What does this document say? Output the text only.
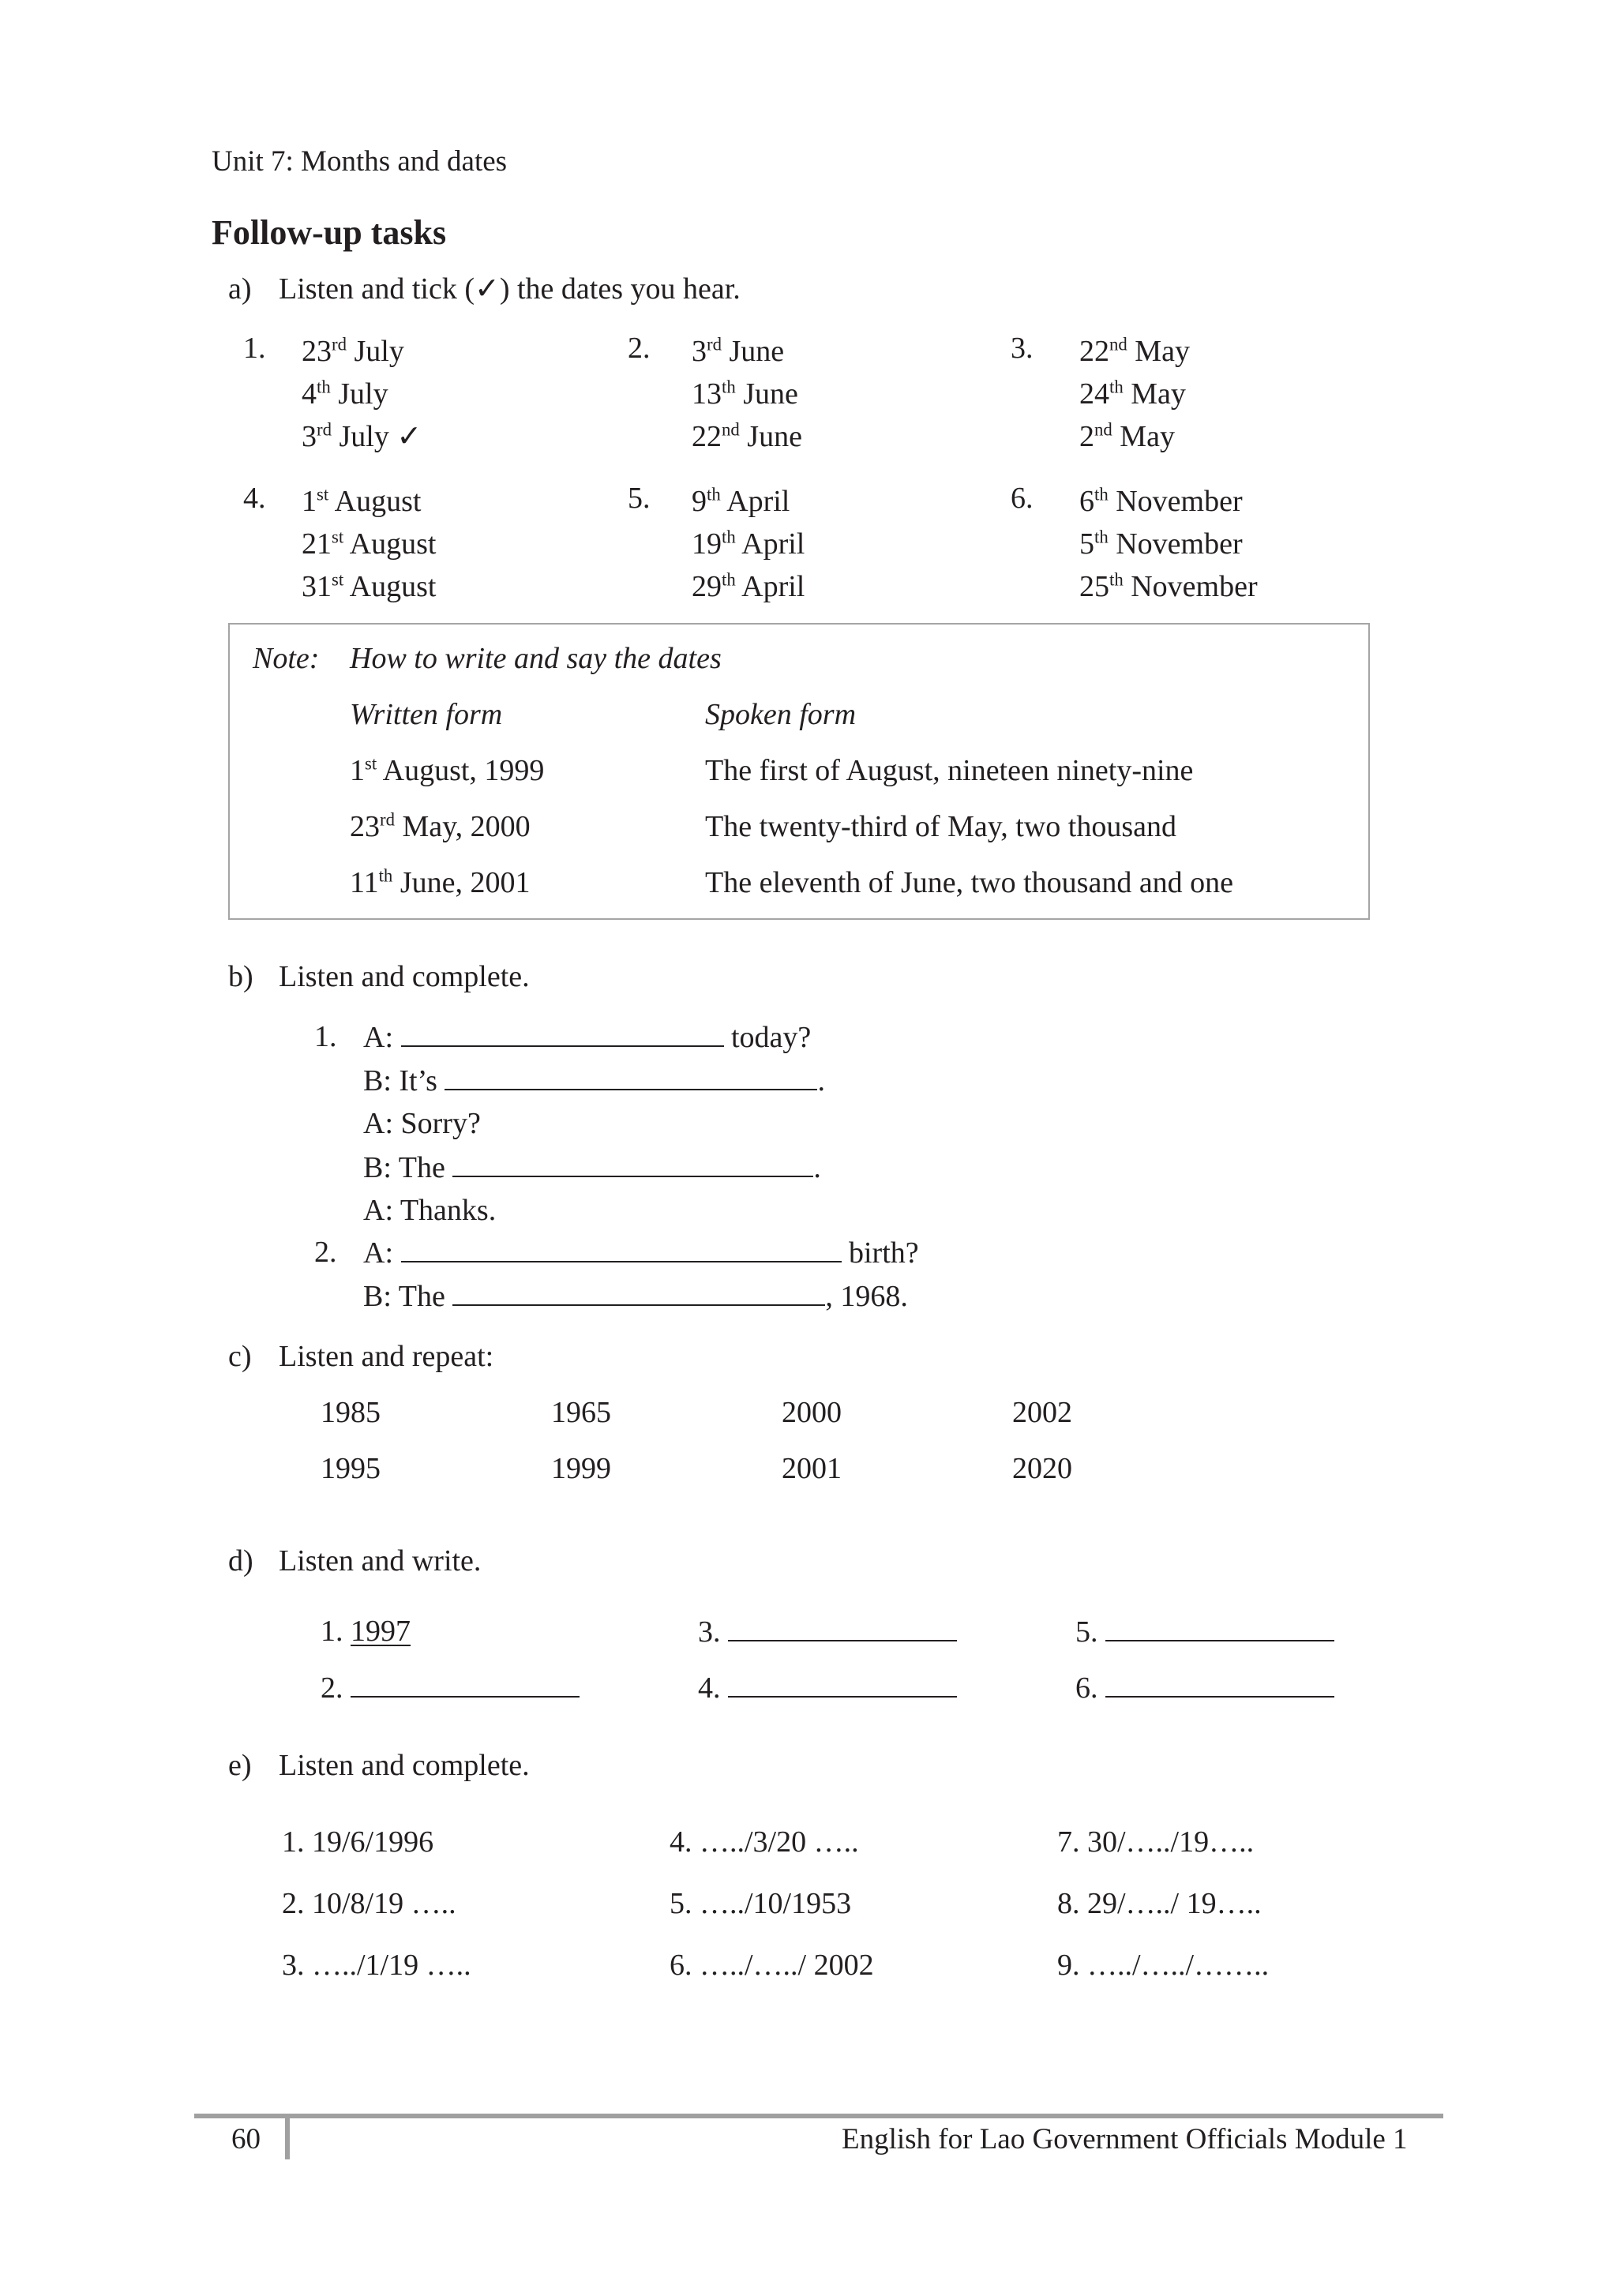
Unit 7: Months and dates
Follow-up tasks
a) Listen and tick (✓) the dates you hear.
1. 23rd July
4th July
3rd July ✓
2. 3rd June
13th June
22nd June
3. 22nd May
24th May
2nd May
4. 1st August
21st August
31st August
5. 9th April
19th April
29th April
6. 6th November
5th November
25th November
Note: How to write and say the dates
Written form	Spoken form
1st August, 1999	The first of August, nineteen ninety-nine
23rd May, 2000	The twenty-third of May, two thousand
11th June, 2001	The eleventh of June, two thousand and one
b) Listen and complete.
1. A:	today?
B: It’s	.
A: Sorry?
B: The	.
A: Thanks.
2. A:	birth?
B: The	, 1968.
c) Listen and repeat:
1985	1965	2000	2002
1995	1999	2001	2020
d) Listen and write.
1. 1997
2.
3.
4.
5.
6.
e) Listen and complete.
1. 19/6/1996
2. 10/8/19 …..
3. …../1/19 …..
4. …../3/20 …..
5. …../10/1953
6. …../…../ 2002
7. 30/…../19…..
8. 29/…../ 19…..
9. …../…../……..
60	English for Lao Government Officials Module 1
